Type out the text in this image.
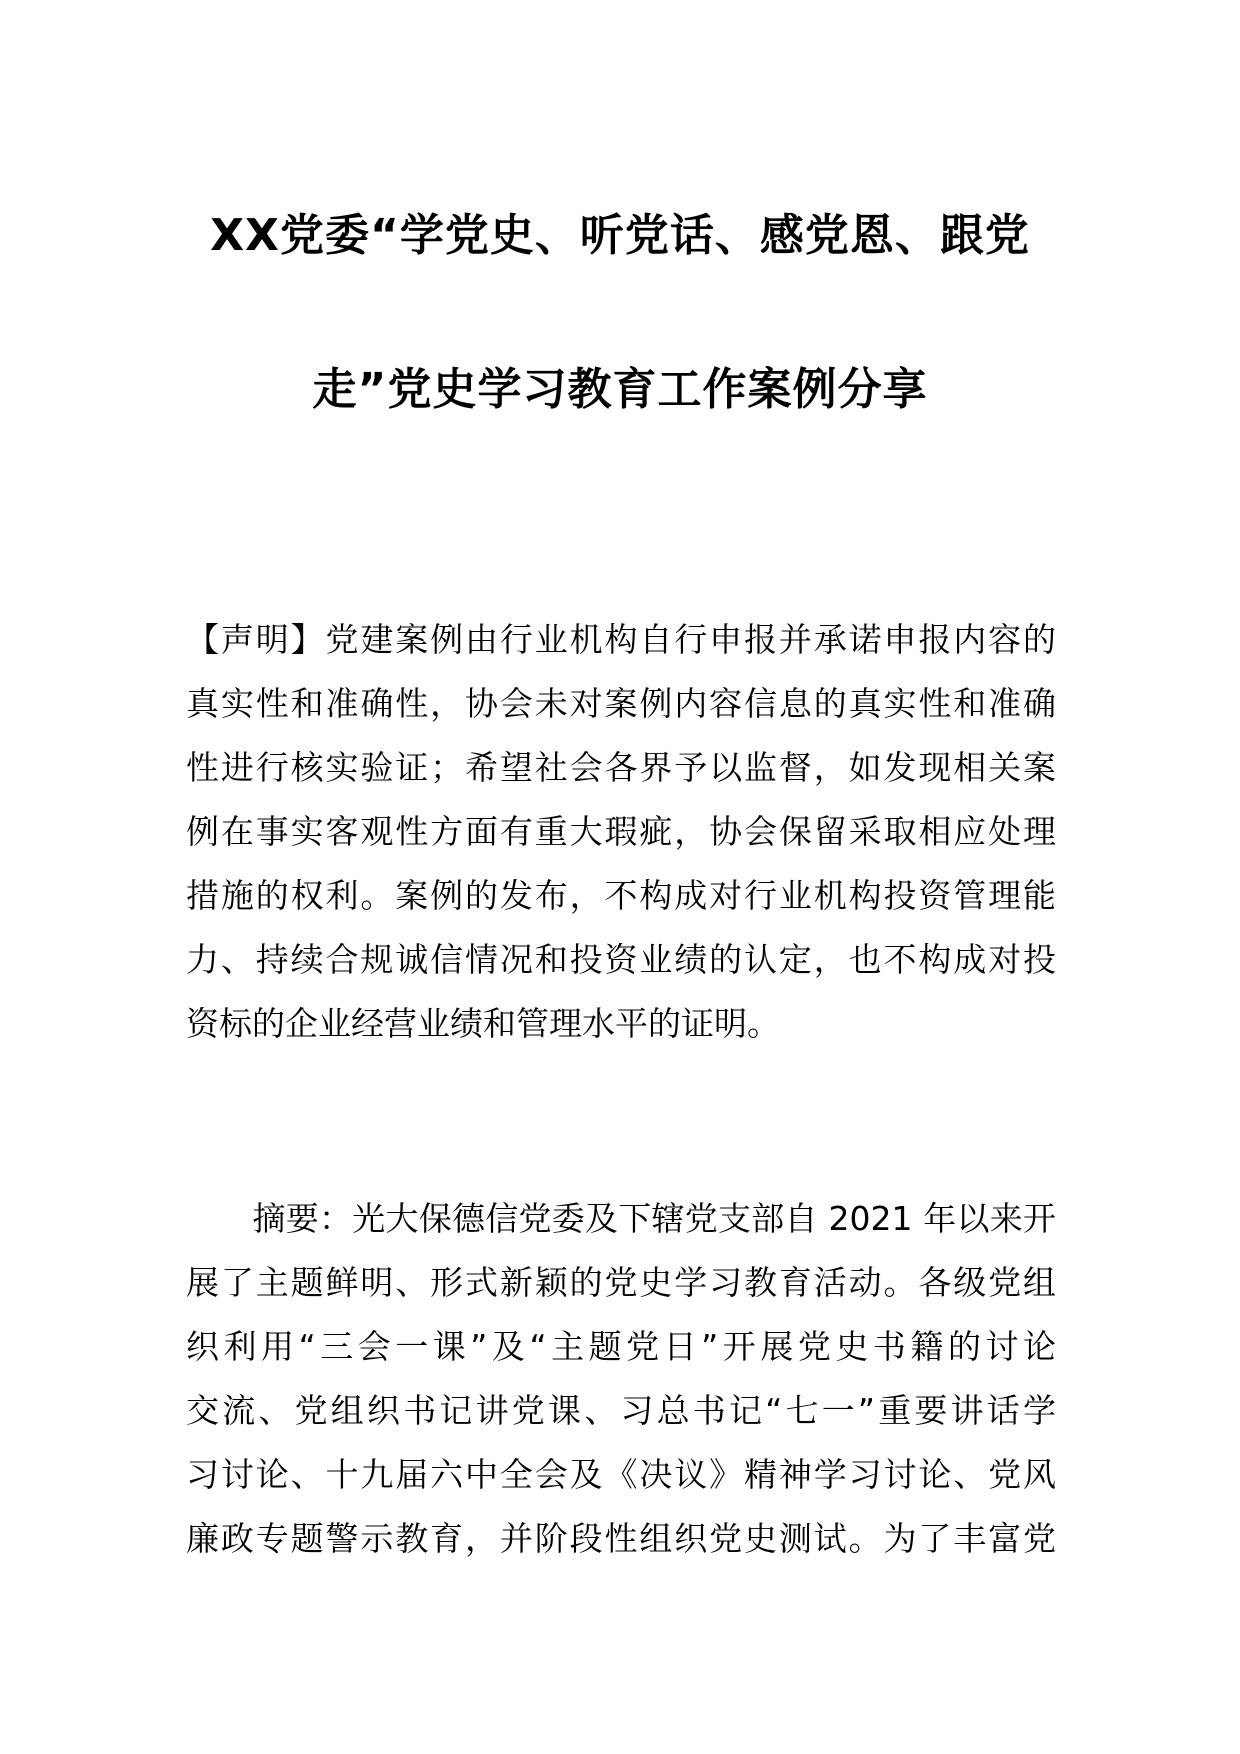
XX党委“学党史、听党话、感党恩、跟党
走”党史学习教育工作案例分享
【声明】党建案例由行业机构自行申报并承诺申报内容的
真实性和准确性，协会未对案例内容信息的真实性和准确
性进行核实验证；希望社会各界予以监督，如发现相关案
例在事实客观性方面有重大瑕疵，协会保留采取相应处理
措施的权利。案例的发布，不构成对行业机构投资管理能
力、持续合规诚信情况和投资业绩的认定，也不构成对投
资标的企业经营业绩和管理水平的证明。
　　摘要：光大保德信党委及下辖党支部自 2021 年以来开
展了主题鲜明、形式新颖的党史学习教育活动。各级党组
织利用“三会一课”及“主题党日”开展党史书籍的讨论
交流、党组织书记讲党课、习总书记“七一”重要讲话学
习讨论、十九届六中全会及《决议》精神学习讨论、党风
廉政专题警示教育，并阶段性组织党史测试。为了丰富党
